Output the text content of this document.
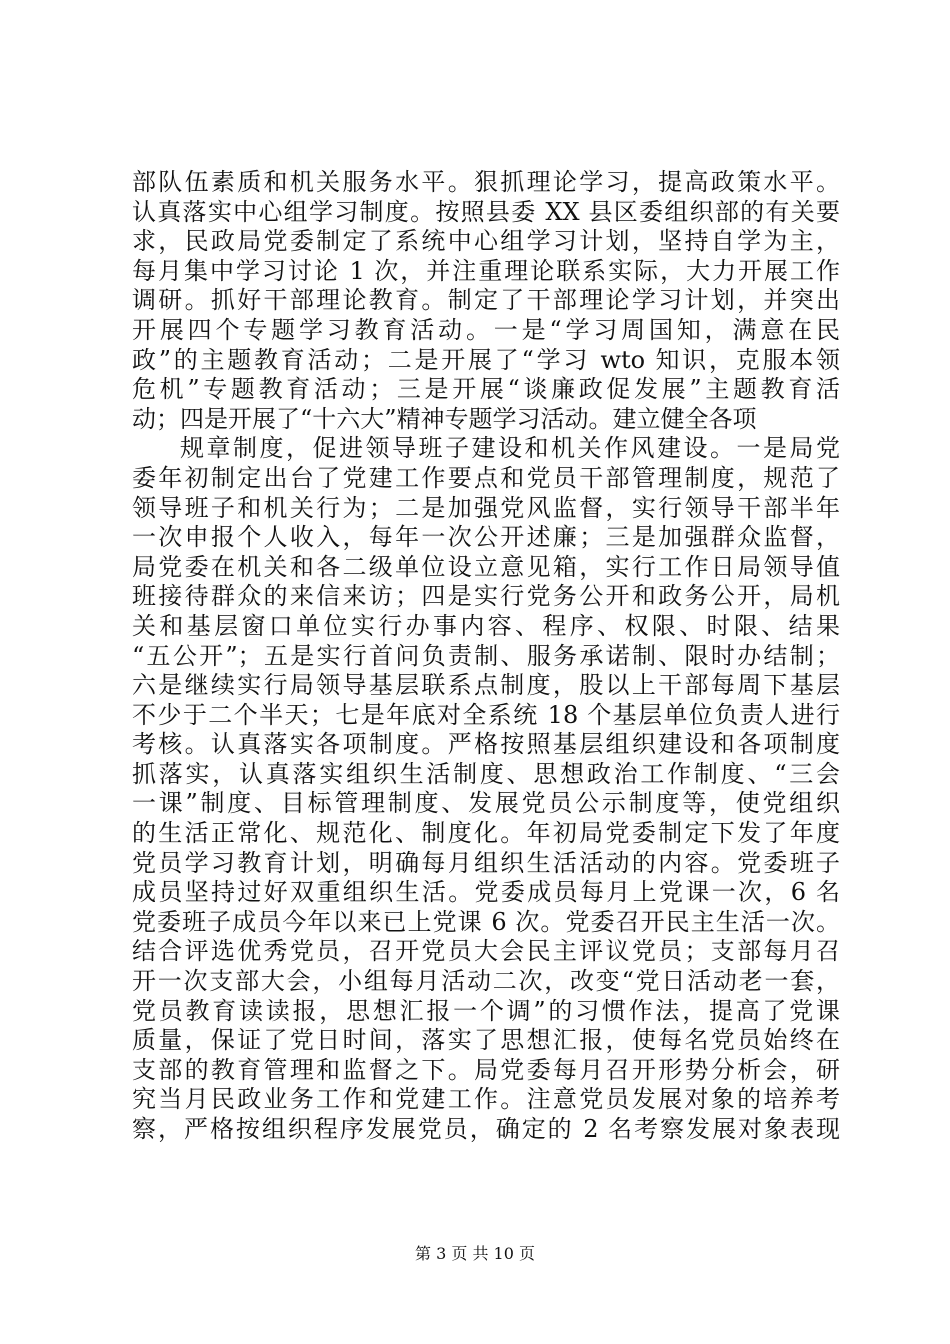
部队伍素质和机关服务水平。狠抓理论学习，提高政策水平。
认真落实中心组学习制度。按照县委 XX 县区委组织部的有关要
求，民政局党委制定了系统中心组学习计划，坚持自学为主，
每月集中学习讨论 1 次，并注重理论联系实际，大力开展工作
调研。抓好干部理论教育。制定了干部理论学习计划，并突出
开展四个专题学习教育活动。一是“学习周国知，满意在民
政”的主题教育活动；二是开展了“学习 wto 知识，克服本领
危机”专题教育活动；三是开展“谈廉政促发展”主题教育活
动；四是开展了“十六大”精神专题学习活动。建立健全各项
规章制度，促进领导班子建设和机关作风建设。一是局党
委年初制定出台了党建工作要点和党员干部管理制度，规范了
领导班子和机关行为；二是加强党风监督，实行领导干部半年
一次申报个人收入，每年一次公开述廉；三是加强群众监督，
局党委在机关和各二级单位设立意见箱，实行工作日局领导值
班接待群众的来信来访；四是实行党务公开和政务公开，局机
关和基层窗口单位实行办事内容、程序、权限、时限、结果
“五公开”；五是实行首问负责制、服务承诺制、限时办结制；
六是继续实行局领导基层联系点制度，股以上干部每周下基层
不少于二个半天；七是年底对全系统 18 个基层单位负责人进行
考核。认真落实各项制度。严格按照基层组织建设和各项制度
抓落实，认真落实组织生活制度、思想政治工作制度、“三会
一课”制度、目标管理制度、发展党员公示制度等，使党组织
的生活正常化、规范化、制度化。年初局党委制定下发了年度
党员学习教育计划，明确每月组织生活活动的内容。党委班子
成员坚持过好双重组织生活。党委成员每月上党课一次，6 名
党委班子成员今年以来已上党课 6 次。党委召开民主生活一次。
结合评选优秀党员，召开党员大会民主评议党员；支部每月召
开一次支部大会，小组每月活动二次，改变“党日活动老一套，
党员教育读读报，思想汇报一个调”的习惯作法，提高了党课
质量，保证了党日时间，落实了思想汇报，使每名党员始终在
支部的教育管理和监督之下。局党委每月召开形势分析会，研
究当月民政业务工作和党建工作。注意党员发展对象的培养考
察，严格按组织程序发展党员，确定的 2 名考察发展对象表现
第 3 页 共 10 页
